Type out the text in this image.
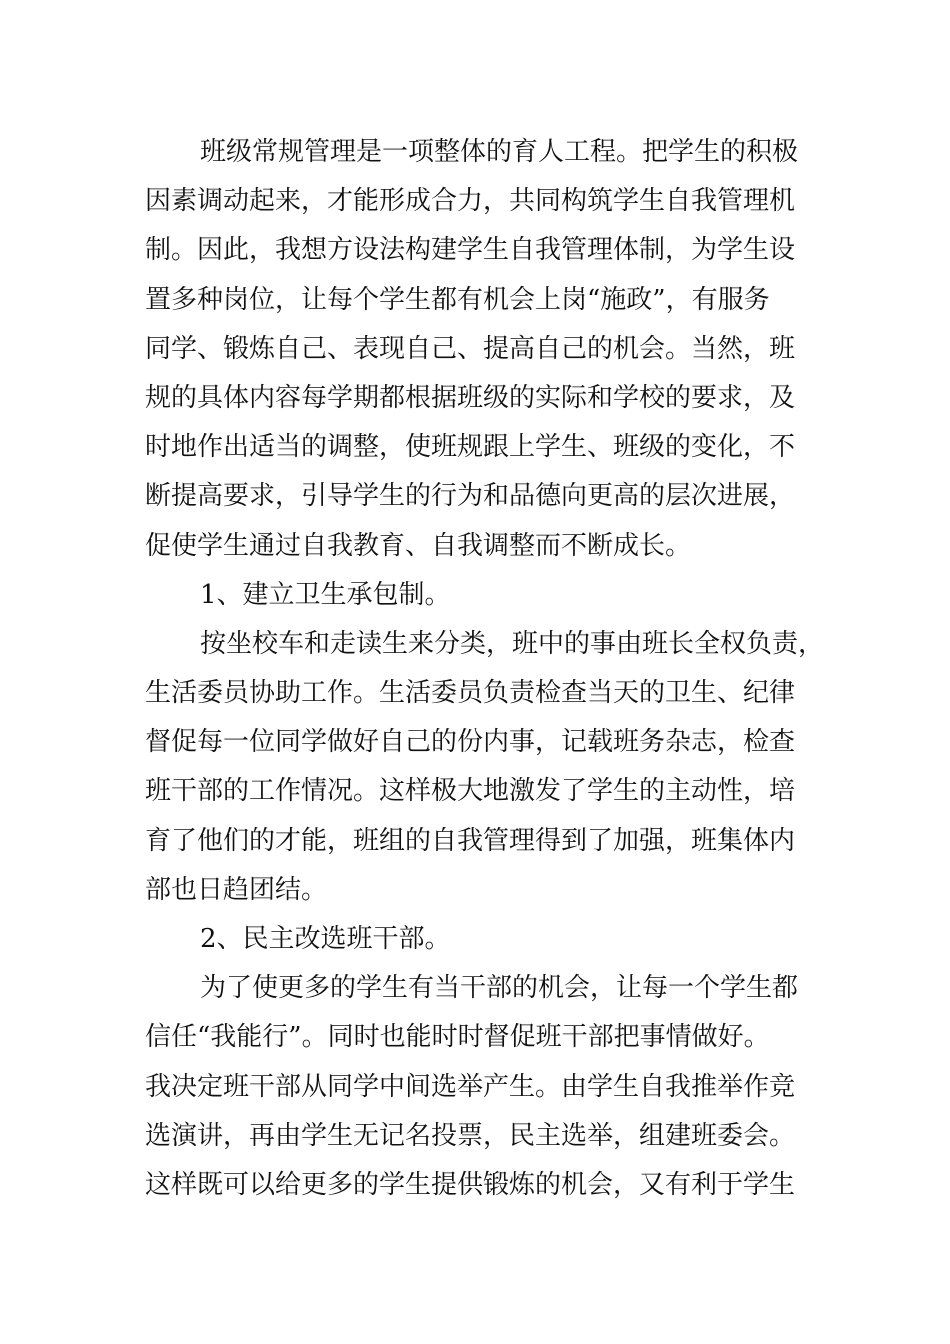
班级常规管理是一项整体的育人工程。把学生的积极
因素调动起来，才能形成合力，共同构筑学生自我管理机
制。因此，我想方设法构建学生自我管理体制，为学生设
置多种岗位，让每个学生都有机会上岗“施政”，有服务
同学、锻炼自己、表现自己、提高自己的机会。当然，班
规的具体内容每学期都根据班级的实际和学校的要求，及
时地作出适当的调整，使班规跟上学生、班级的变化，不
断提高要求，引导学生的行为和品德向更高的层次进展，
促使学生通过自我教育、自我调整而不断成长。
1、建立卫生承包制。
按坐校车和走读生来分类，班中的事由班长全权负责，
生活委员协助工作。生活委员负责检查当天的卫生、纪律
督促每一位同学做好自己的份内事，记载班务杂志，检查
班干部的工作情况。这样极大地激发了学生的主动性，培
育了他们的才能，班组的自我管理得到了加强，班集体内
部也日趋团结。
2、民主改选班干部。
为了使更多的学生有当干部的机会，让每一个学生都
信任“我能行”。同时也能时时督促班干部把事情做好。
我决定班干部从同学中间选举产生。由学生自我推举作竞
选演讲，再由学生无记名投票，民主选举，组建班委会。
这样既可以给更多的学生提供锻炼的机会，又有利于学生
